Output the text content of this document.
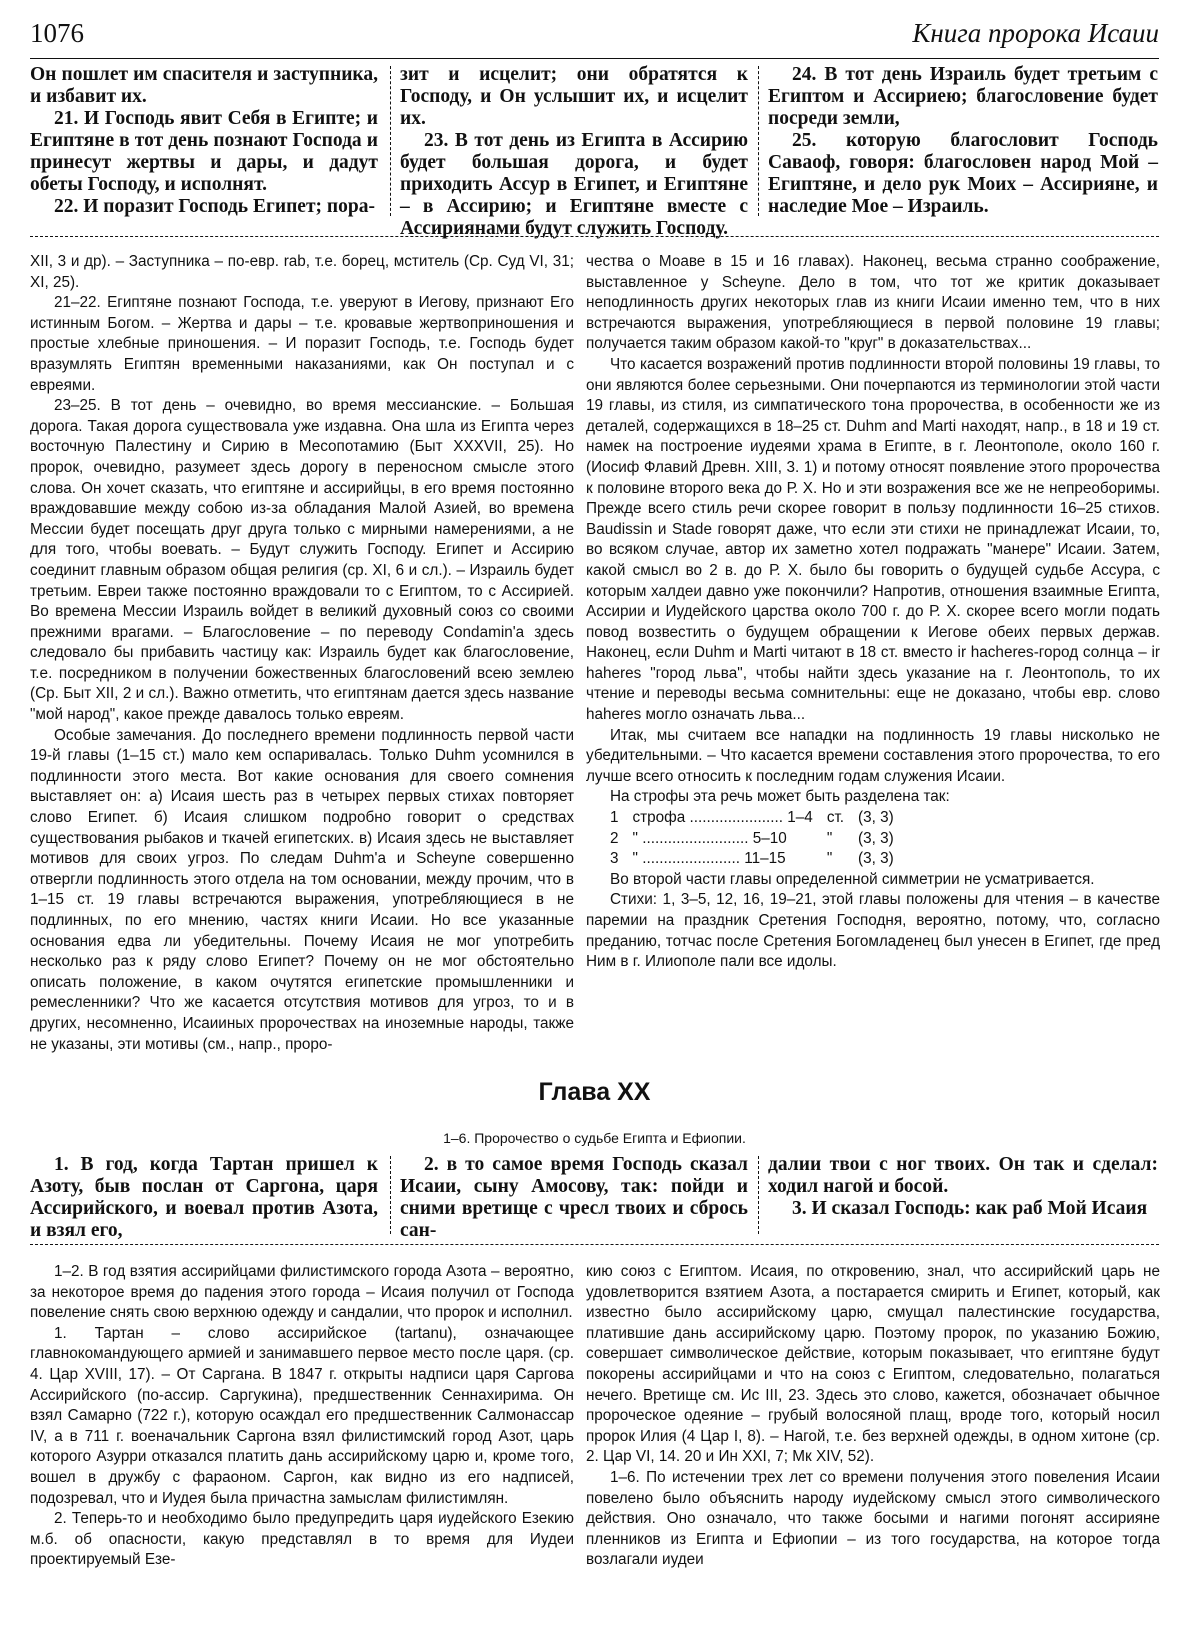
1076	Книга пророка Исаии

Он пошлет им спасителя и заступника, и избавит их.

21. И Господь явит Себя в Египте; и Египтяне в тот день познают Господа и принесут жертвы и дары, и дадут обеты Господу, и исполнят.

22. И поразит Господь Египет; пора-

зит и исцелит; они обратятся к Господу, и Он услышит их, и исцелит их.

23. В тот день из Египта в Ассирию будет большая дорога, и будет приходить Ассур в Египет, и Египтяне – в Ассирию; и Египтяне вместе с Ассириянами будут служить Господу.

24. В тот день Израиль будет третьим с Египтом и Ассириею; благословение будет посреди земли,

25. которую благословит Господь Саваоф, говоря: благословен народ Мой – Египтяне, и дело рук Моих – Ассирияне, и наследие Мое – Израиль.

XII, 3 и др). – Заступника – по-евр. rab, т.е. борец, мститель (Ср. Суд VI, 31; XI, 25).

21–22. Египтяне познают Господа, т.е. уверуют в Иегову, признают Его истинным Богом. – Жертва и дары – т.е. кровавые жертвоприношения и простые хлебные приношения. – И поразит Господь, т.е. Господь будет вразумлять Египтян временными наказаниями, как Он поступал и с евреями.

23–25. В тот день – очевидно, во время мессианские. – Большая дорога. Такая дорога существовала уже издавна. Она шла из Египта через восточную Палестину и Сирию в Месопотамию (Быт XXXVII, 25). Но пророк, очевидно, разумеет здесь дорогу в переносном смысле этого слова. Он хочет сказать, что египтяне и ассирийцы, в его время постоянно враждовавшие между собою из-за обладания Малой Азией, во времена Мессии будет посещать друг друга только с мирными намерениями, а не для того, чтобы воевать. – Будут служить Господу. Египет и Ассирию соединит главным образом общая религия (ср. XI, 6 и сл.). – Израиль будет третьим. Евреи также постоянно враждовали то с Египтом, то с Ассирией. Во времена Мессии Израиль войдет в великий духовный союз со своими прежними врагами. – Благословение – по переводу Condamin'а здесь следовало бы прибавить частицу как: Израиль будет как благословение, т.е. посредником в получении божественных благословений всею землею (Ср. Быт XII, 2 и сл.). Важно отметить, что египтянам дается здесь название "мой народ", какое прежде давалось только евреям.

Особые замечания. До последнего времени подлинность первой части 19-й главы (1–15 ст.) мало кем оспаривалась. Только Duhm усомнился в подлинности этого места. Вот какие основания для своего сомнения выставляет он: а) Исаия шесть раз в четырех первых стихах повторяет слово Египет. б) Исаия слишком подробно говорит о средствах существования рыбаков и ткачей египетских. в) Исаия здесь не выставляет мотивов для своих угроз. По следам Duhm'а и Scheyne совершенно отвергли подлинность этого отдела на том основании, между прочим, что в 1–15 ст. 19 главы встречаются выражения, употребляющиеся в не подлинных, по его мнению, частях книги Исаии. Но все указанные основания едва ли убедительны. Почему Исаия не мог употребить несколько раз к ряду слово Египет? Почему он не мог обстоятельно описать положение, в каком очутятся египетские промышленники и ремесленники? Что же касается отсутствия мотивов для угроз, то и в других, несомненно, Исаииных пророчествах на иноземные народы, также не указаны, эти мотивы (см., напр., проро-

чества о Моаве в 15 и 16 главах). Наконец, весьма странно соображение, выставленное у Scheyne. Дело в том, что тот же критик доказывает неподлинность других некоторых глав из книги Исаии именно тем, что в них встречаются выражения, употребляющиеся в первой половине 19 главы; получается таким образом какой-то "круг" в доказательствах...

Что касается возражений против подлинности второй половины 19 главы, то они являются более серьезными. Они почерпаются из терминологии этой части 19 главы, из стиля, из симпатического тона пророчества, в особенности же из деталей, содержащихся в 18–25 ст. Duhm and Marti находят, напр., в 18 и 19 ст. намек на построение иудеями храма в Египте, в г. Леонтополе, около 160 г. (Иосиф Флавий Древн. XIII, 3. 1) и потому относят появление этого пророчества к половине второго века до Р. Х. Но и эти возражения все же не непреоборимы. Прежде всего стиль речи скорее говорит в пользу подлинности 16–25 стихов. Baudissin и Stade говорят даже, что если эти стихи не принадлежат Исаии, то, во всяком случае, автор их заметно хотел подражать "манере" Исаии. Затем, какой смысл во 2 в. до Р. Х. было бы говорить о будущей судьбе Ассура, с которым халдеи давно уже покончили? Напротив, отношения взаимные Египта, Ассирии и Иудейского царства около 700 г. до Р. Х. скорее всего могли подать повод возвестить о будущем обращении к Иегове обеих первых держав. Наконец, если Duhm и Marti читают в 18 ст. вместо ir hacheres-город солнца – ir haheres "город льва", чтобы найти здесь указание на г. Леонтополь, то их чтение и переводы весьма сомнительны: еще не доказано, чтобы евр. слово haheres могло означать льва...

Итак, мы считаем все нападки на подлинность 19 главы нисколько не убедительными. – Что касается времени составления этого пророчества, то его лучше всего относить к последним годам служения Исаии.

На строфы эта речь может быть разделена так:

1	строфа ...................... 1–4	ст.	(3, 3)
2	" ......................... 5–10	"	(3, 3)
3	" ....................... 11–15	"	(3, 3)

Во второй части главы определенной симметрии не усматривается.

Стихи: 1, 3–5, 12, 16, 19–21, этой главы положены для чтения – в качестве паремии на праздник Сретения Господня, вероятно, потому, что, согласно преданию, тотчас после Сретения Богомладенец был унесен в Египет, где пред Ним в г. Илиополе пали все идолы.

Глава XX
1–6. Пророчество о судьбе Египта и Ефиопии.

1. В год, когда Тартан пришел к Азоту, быв послан от Саргона, царя Ассирийского, и воевал против Азота, и взял его,

2. в то самое время Господь сказал Исаии, сыну Амосову, так: пойди и сними вретище с чресл твоих и сбрось сан-

далии твои с ног твоих. Он так и сделал: ходил нагой и босой.

3. И сказал Господь: как раб Мой Исаия

1–2. В год взятия ассирийцами филистимского города Азота – вероятно, за некоторое время до падения этого города – Исаия получил от Господа повеление снять свою верхнюю одежду и сандалии, что пророк и исполнил.

1. Тартан – слово ассирийское (tartanu), означающее главнокомандующего армией и занимавшего первое место после царя. (ср. 4. Цар XVIII, 17). – От Саргана. В 1847 г. открыты надписи царя Саргова Ассирийского (по-ассир. Саргукина), предшественник Сеннахирима. Он взял Самарно (722 г.), которую осаждал его предшественник Салмонассар IV, а в 711 г. военачальник Саргона взял филистимский город Азот, царь которого Азурри отказался платить дань ассирийскому царю и, кроме того, вошел в дружбу с фараоном. Саргон, как видно из его надписей, подозревал, что и Иудея была причастна замыслам филистимлян.

2. Теперь-то и необходимо было предупредить царя иудейского Езекию м.б. об опасности, какую представлял в то время для Иудеи проектируемый Езе-

кию союз с Египтом. Исаия, по откровению, знал, что ассирийский царь не удовлетворится взятием Азота, а постарается смирить и Египет, который, как известно было ассирийскому царю, смущал палестинские государства, платившие дань ассирийскому царю. Поэтому пророк, по указанию Божию, совершает символическое действие, которым показывает, что египтяне будут покорены ассирийцами и что на союз с Египтом, следовательно, полагаться нечего. Вретище см. Ис III, 23. Здесь это слово, кажется, обозначает обычное пророческое одеяние – грубый волосяной плащ, вроде того, который носил пророк Илия (4 Цар I, 8). – Нагой, т.е. без верхней одежды, в одном хитоне (ср. 2. Цар VI, 14. 20 и Ин XXI, 7; Мк XIV, 52).

1–6. По истечении трех лет со времени получения этого повеления Исаии повелено было объяснить народу иудейскому смысл этого символического действия. Оно означало, что также босыми и нагими погонят ассирияне пленников из Египта и Ефиопии – из того государства, на которое тогда возлагали иудеи
